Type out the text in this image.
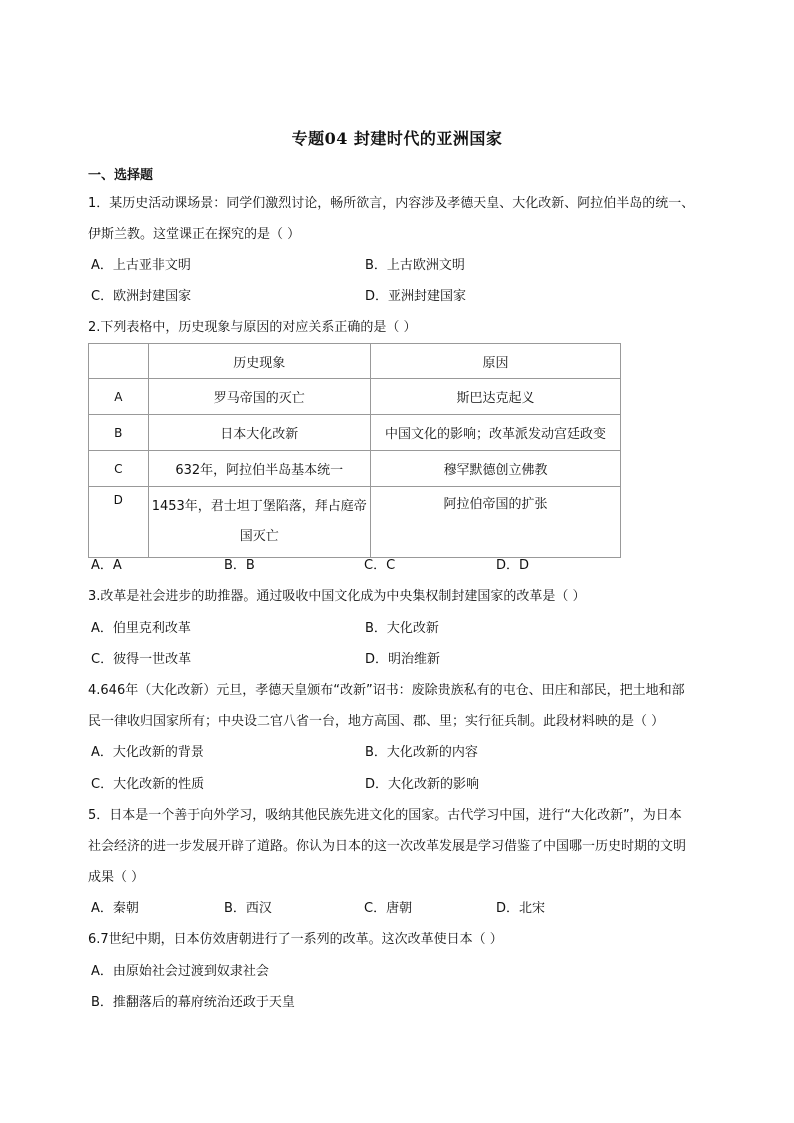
专题04 封建时代的亚洲国家
一、选择题
1．某历史活动课场景：同学们激烈讨论，畅所欲言，内容涉及孝德天皇、大化改新、阿拉伯半岛的统一、
伊斯兰教。这堂课正在探究的是（ ）
A．上古亚非文明	B．上古欧洲文明
C．欧洲封建国家	D．亚洲封建国家
2.下列表格中，历史现象与原因的对应关系正确的是（ ）
	历史现象	原因
A	罗马帝国的灭亡	斯巴达克起义
B	日本大化改新	中国文化的影响；改革派发动宫廷政变
C	632年，阿拉伯半岛基本统一	穆罕默德创立佛教
D	1453年，君士坦丁堡陷落，拜占庭帝国灭亡	阿拉伯帝国的扩张
A．A	B．B	C．C	D．D
3.改革是社会进步的助推器。通过吸收中国文化成为中央集权制封建国家的改革是（ ）
A．伯里克利改革	B．大化改新
C．彼得一世改革	D．明治维新
4.646年（大化改新）元旦，孝德天皇颁布“改新”诏书：废除贵族私有的屯仓、田庄和部民，把土地和部
民一律收归国家所有；中央设二官八省一台，地方高国、郡、里；实行征兵制。此段材料映的是（ ）
A．大化改新的背景	B．大化改新的内容
C．大化改新的性质	D．大化改新的影响
5．日本是一个善于向外学习，吸纳其他民族先进文化的国家。古代学习中国，进行“大化改新”，为日本
社会经济的进一步发展开辟了道路。你认为日本的这一次改革发展是学习借鉴了中国哪一历史时期的文明
成果（ ）
A．秦朝	B．西汉	C．唐朝	D．北宋
6.7世纪中期，日本仿效唐朝进行了一系列的改革。这次改革使日本（ ）
A．由原始社会过渡到奴隶社会
B．推翻落后的幕府统治还政于天皇
